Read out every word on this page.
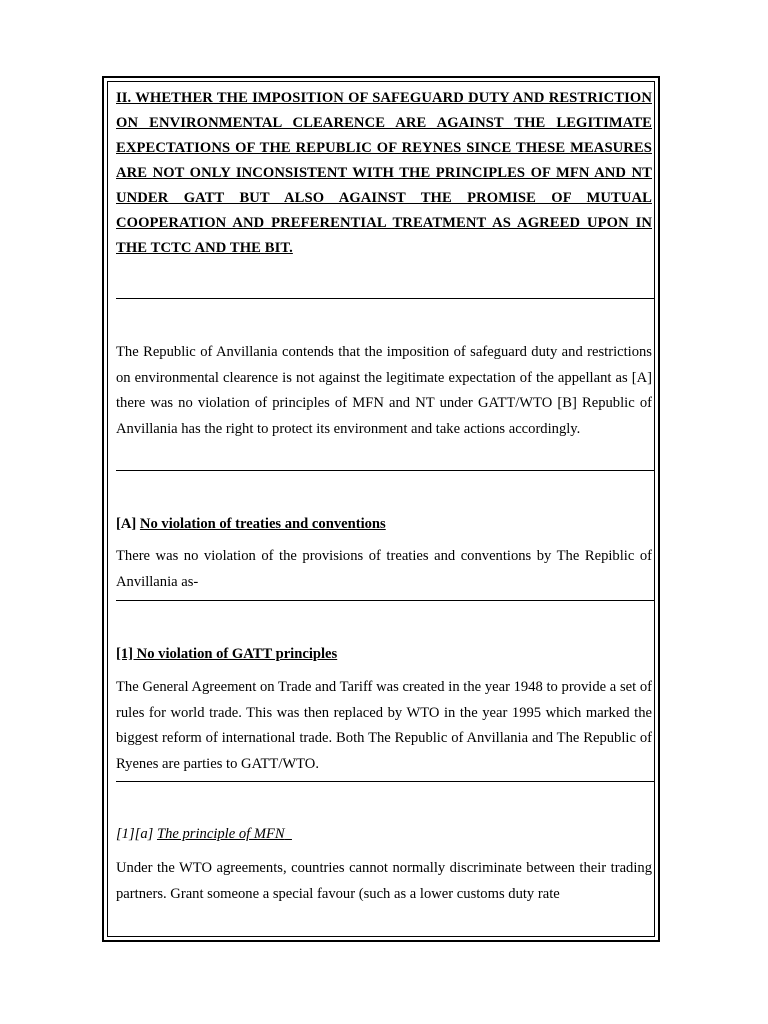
II. WHETHER THE IMPOSITION OF SAFEGUARD DUTY AND RESTRICTION ON ENVIRONMENTAL CLEARENCE ARE AGAINST THE LEGITIMATE EXPECTATIONS OF THE REPUBLIC OF REYNES SINCE THESE MEASURES ARE NOT ONLY INCONSISTENT WITH THE PRINCIPLES OF MFN AND NT UNDER GATT BUT ALSO AGAINST THE PROMISE OF MUTUAL COOPERATION AND PREFERENTIAL TREATMENT AS AGREED UPON IN THE TCTC AND THE BIT.
The Republic of Anvillania contends that the imposition of safeguard duty and restrictions on environmental clearence is not against the legitimate expectation of the appellant as [A] there was no violation of principles of MFN and NT under GATT/WTO [B] Republic of Anvillania has the right to protect its environment and take actions accordingly.
[A] No violation of treaties and conventions
There was no violation of the provisions of treaties and conventions by The Repiblic of Anvillania as-
[1] No violation of GATT principles
The General Agreement on Trade and Tariff was created in the year 1948 to provide a set of rules for world trade. This was then replaced by WTO in the year 1995 which marked the biggest reform of international trade. Both The Republic of Anvillania and The Republic of Ryenes are parties to GATT/WTO.
[1][a] The principle of MFN
Under the WTO agreements, countries cannot normally discriminate between their trading partners. Grant someone a special favour (such as a lower customs duty rate
